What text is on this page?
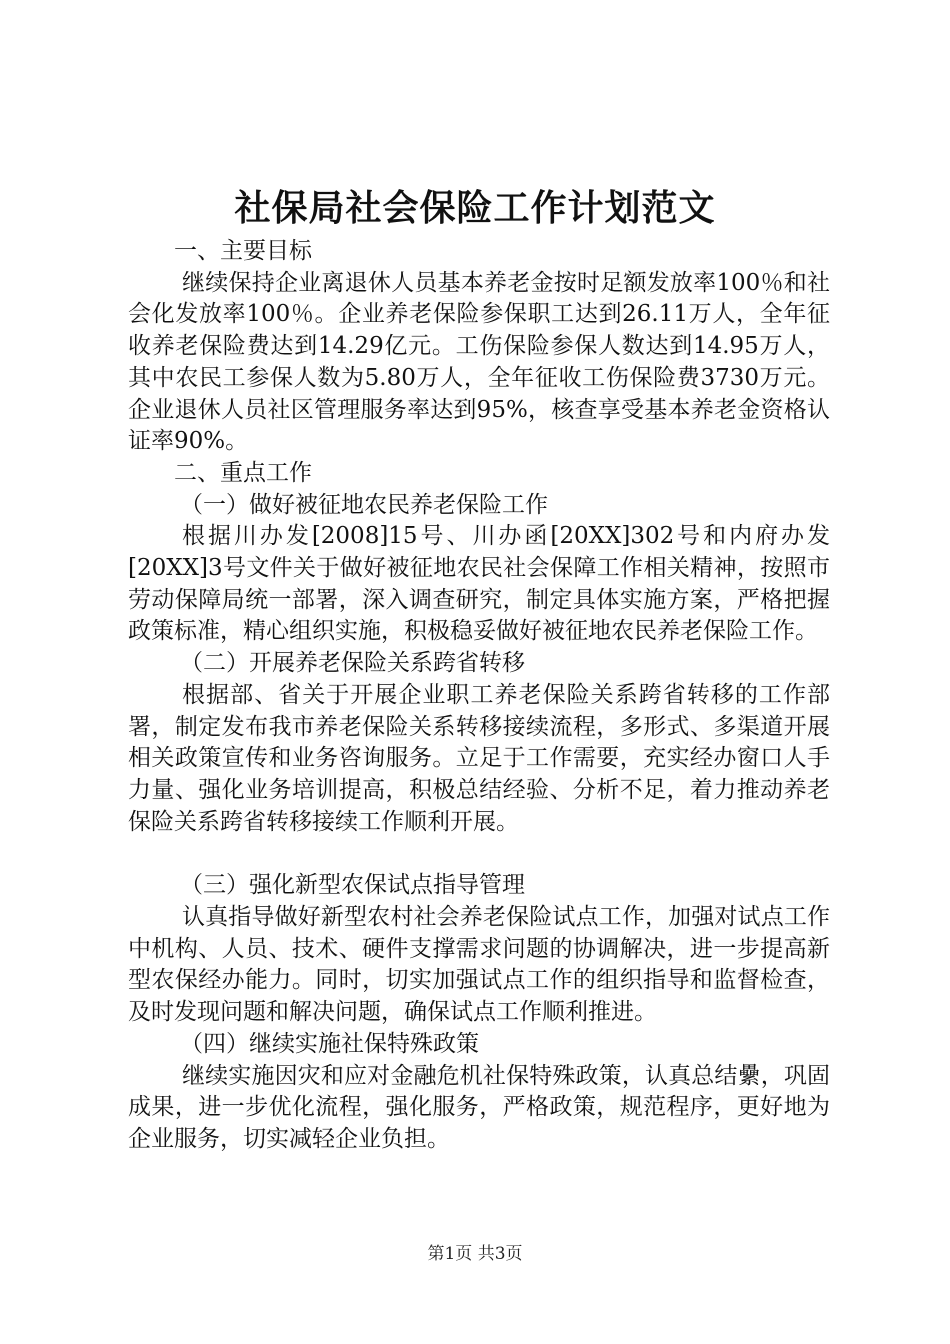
社保局社会保险工作计划范文

一、主要目标

继续保持企业离退休人员基本养老金按时足额发放率100％和社会化发放率100％。企业养老保险参保职工达到26.11万人，全年征收养老保险费达到14.29亿元。工伤保险参保人数达到14.95万人，其中农民工参保人数为5.80万人，全年征收工伤保险费3730万元。企业退休人员社区管理服务率达到95%，核查享受基本养老金资格认证率90%。

二、重点工作

（一）做好被征地农民养老保险工作

根据川办发[2008]15号、川办函[20XX]302号和内府办发[20XX]3号文件关于做好被征地农民社会保障工作相关精神，按照市劳动保障局统一部署，深入调查研究，制定具体实施方案，严格把握政策标准，精心组织实施，积极稳妥做好被征地农民养老保险工作。

（二）开展养老保险关系跨省转移

根据部、省关于开展企业职工养老保险关系跨省转移的工作部署，制定发布我市养老保险关系转移接续流程，多形式、多渠道开展相关政策宣传和业务咨询服务。立足于工作需要，充实经办窗口人手力量、强化业务培训提高，积极总结经验、分析不足，着力推动养老保险关系跨省转移接续工作顺利开展。

（三）强化新型农保试点指导管理

认真指导做好新型农村社会养老保险试点工作，加强对试点工作中机构、人员、技术、硬件支撑需求问题的协调解决，进一步提高新型农保经办能力。同时，切实加强试点工作的组织指导和监督检查，及时发现问题和解决问题，确保试点工作顺利推进。

（四）继续实施社保特殊政策

继续实施因灾和应对金融危机社保特殊政策，认真总结纍，巩固成果，进一步优化流程，强化服务，严格政策，规范程序，更好地为企业服务，切实减轻企业负担。

第1页 共3页
